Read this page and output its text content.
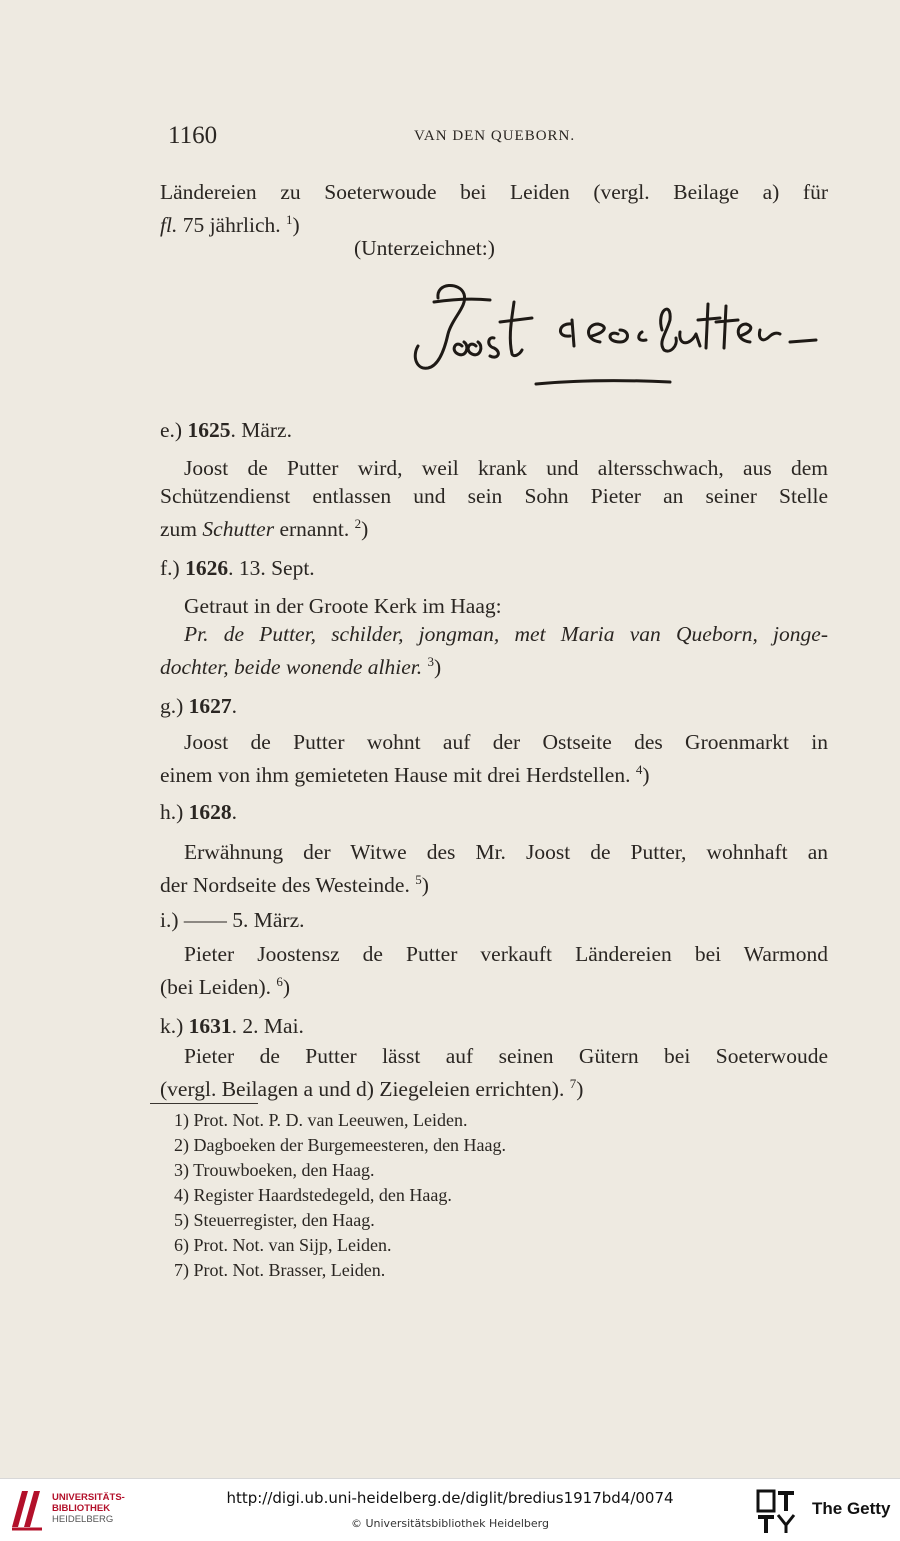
1160	VAN DEN QUEBORN.
Ländereien zu Soeterwoude bei Leiden (vergl. Beilage a) für
fl. 75 jährlich. $^1$)
(Unterzeichnet:)
e.) 1625. März.
Joost de Putter wird, weil krank und altersschwach, aus dem
Schützendienst entlassen und sein Sohn Pieter an seiner Stelle
zum Schutter ernannt. $^2$)
f.) 1626. 13. Sept.
Getraut in der Groote Kerk im Haag:
Pr. de Putter, schilder, jongman, met Maria van Queborn, jonge-
dochter, beide wonende alhier. $^3$)
g.) 1627.
Joost de Putter wohnt auf der Ostseite des Groenmarkt in
einem von ihm gemieteten Hause mit drei Herdstellen. $^4$)
h.) 1628.
Erwähnung der Witwe des Mr. Joost de Putter, wohnhaft an
der Nordseite des Westeinde. $^5$)
i.) —— 5. März.
Pieter Joostensz de Putter verkauft Ländereien bei Warmond
(bei Leiden). $^6$)
k.) 1631. 2. Mai.
Pieter de Putter lässt auf seinen Gütern bei Soeterwoude
(vergl. Beilagen a und d) Ziegeleien errichten). $^7$)
1) Prot. Not. P. D. van Leeuwen, Leiden.
2) Dagboeken der Burgemeesteren, den Haag.
3) Trouwboeken, den Haag.
4) Register Haardstedegeld, den Haag.
5) Steuerregister, den Haag.
6) Prot. Not. van Sijp, Leiden.
7) Prot. Not. Brasser, Leiden.
UNIVERSITÄTS-
BIBLIOTHEK
HEIDELBERG
http://digi.ub.uni-heidelberg.de/diglit/bredius1917bd4/0074
© Universitätsbibliothek Heidelberg
The Getty
